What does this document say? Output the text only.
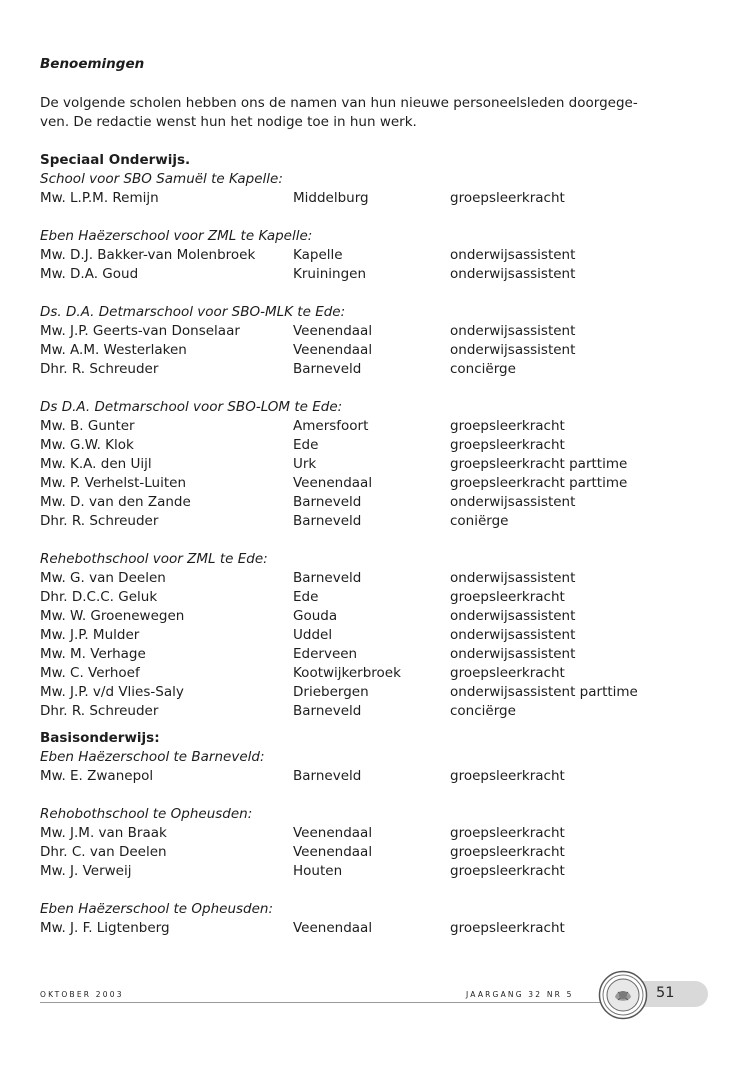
Benoemingen
De volgende scholen hebben ons de namen van hun nieuwe personeelsleden doorgege-ven. De redactie wenst hun het nodige toe in hun werk.
Speciaal Onderwijs.
School voor SBO Samuël te Kapelle:
Mw. L.P.M. Remijn	Middelburg	groepsleerkracht
Eben Haëzerschool voor ZML te Kapelle:
Mw. D.J. Bakker-van Molenbroek	Kapelle	onderwijsassistent
Mw. D.A. Goud	Kruiningen	onderwijsassistent
Ds. D.A. Detmarschool voor SBO-MLK te Ede:
Mw. J.P. Geerts-van Donselaar	Veenendaal	onderwijsassistent
Mw. A.M. Westerlaken	Veenendaal	onderwijsassistent
Dhr. R. Schreuder	Barneveld	conciërge
Ds D.A. Detmarschool voor SBO-LOM te Ede:
Mw. B. Gunter	Amersfoort	groepsleerkracht
Mw. G.W. Klok	Ede	groepsleerkracht
Mw. K.A. den Uijl	Urk	groepsleerkracht parttime
Mw. P. Verhelst-Luiten	Veenendaal	groepsleerkracht parttime
Mw. D. van den Zande	Barneveld	onderwijsassistent
Dhr. R. Schreuder	Barneveld	coniërge
Rehebothschool voor ZML te Ede:
Mw. G. van Deelen	Barneveld	onderwijsassistent
Dhr. D.C.C. Geluk	Ede	groepsleerkracht
Mw. W. Groenewegen	Gouda	onderwijsassistent
Mw. J.P. Mulder	Uddel	onderwijsassistent
Mw. M. Verhage	Ederveen	onderwijsassistent
Mw. C. Verhoef	Kootwijkerbroek	groepsleerkracht
Mw. J.P. v/d Vlies-Saly	Driebergen	onderwijsassistent parttime
Dhr. R. Schreuder	Barneveld	conciërge
Basisonderwijs:
Eben Haëzerschool te Barneveld:
Mw. E. Zwanepol	Barneveld	groepsleerkracht
Rehobothschool te Opheusden:
Mw. J.M. van Braak	Veenendaal	groepsleerkracht
Dhr. C. van Deelen	Veenendaal	groepsleerkracht
Mw. J. Verweij	Houten	groepsleerkracht
Eben Haëzerschool te Opheusden:
Mw. J. F. Ligtenberg	Veenendaal	groepsleerkracht
OKTOBER 2003	JAARGANG 32 NR 5	51
